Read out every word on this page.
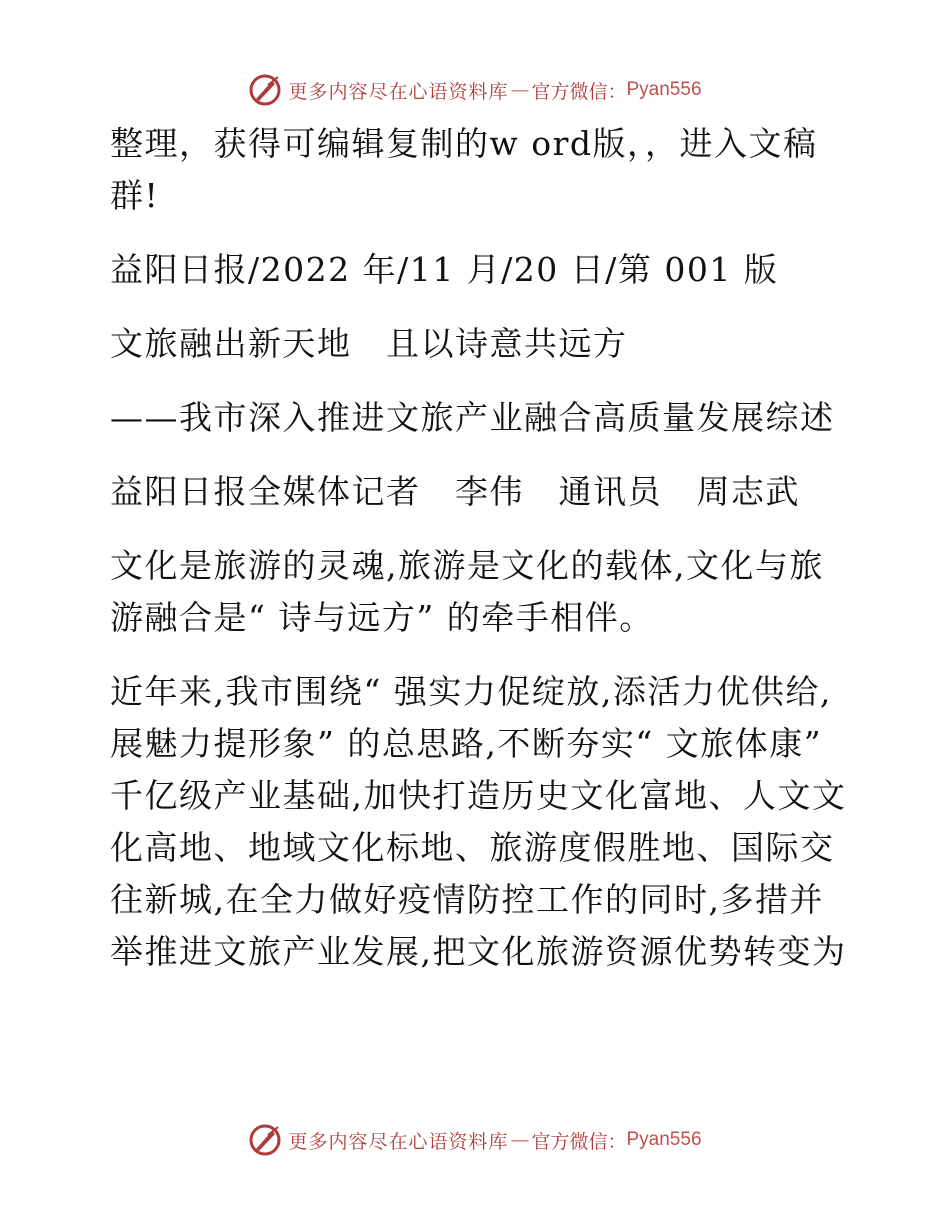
更多内容尽在心语资料库 — 官方微信： Pyan556

整理，获得可编辑复制的w ord版，，进入文稿群!

益阳日报/2022 年/11 月/20 日/第 001 版

文旅融出新天地　且以诗意共远方

——我市深入推进文旅产业融合高质量发展综述

益阳日报全媒体记者　李伟　通讯员　周志武

文化是旅游的灵魂,旅游是文化的载体,文化与旅游融合是“ 诗与远方” 的牵手相伴。

近年来,我市围绕“ 强实力促绽放,添活力优供给,展魅力提形象” 的总思路,不断夯实“ 文旅体康” 千亿级产业基础,加快打造历史文化富地、人文文化高地、地域文化标地、旅游度假胜地、国际交往新城,在全力做好疫情防控工作的同时,多措并举推进文旅产业发展,把文化旅游资源优势转变为

更多内容尽在心语资料库 — 官方微信： Pyan556
